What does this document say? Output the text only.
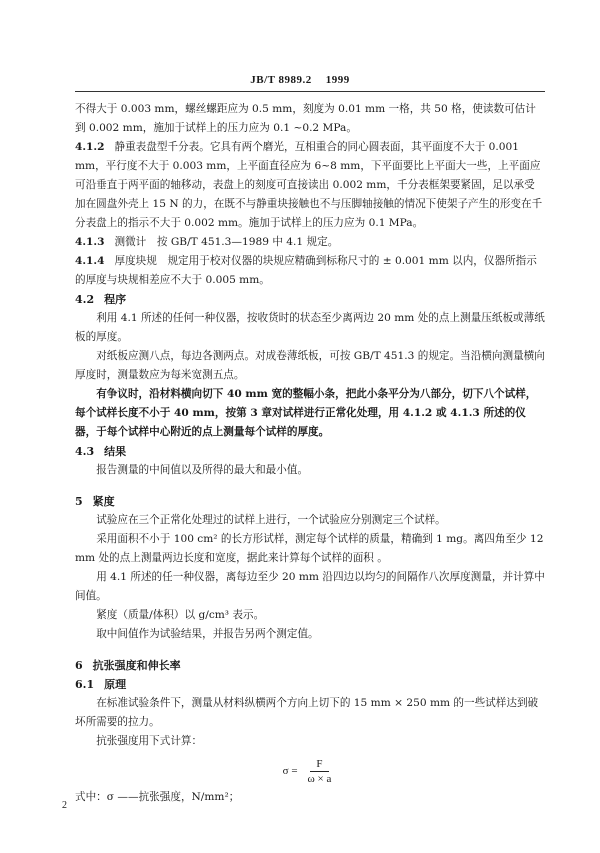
JB/T 8989.2 1999

不得大于 0.003 mm，螺丝螺距应为 0.5 mm，刻度为 0.01 mm 一格，共 50 格，使读数可估计到 0.002 mm，施加于试样上的压力应为 0.1 ~0.2 MPa。

4.1.2 静重表盘型千分表。它具有两个磨光，互相重合的同心圆表面，其平面度不大于 0.001 mm，平行度不大于 0.003 mm，上平面直径应为 6~8 mm，下平面要比上平面大一些，上平面应可沿垂直于两平面的轴移动，表盘上的刻度可直接读出 0.002 mm，千分表框架要紧固，足以承受加在圆盘外壳上 15 N 的力，在既不与静重块接触也不与压脚轴接触的情况下使架子产生的形变在千分表盘上的指示不大于 0.002 mm。施加于试样上的压力应为 0.1 MPa。

4.1.3 测微计　按 GB/T 451.3—1989 中 4.1 规定。

4.1.4 厚度块规　规定用于校对仪器的块规应精确到标称尺寸的 ± 0.001 mm 以内，仪器所指示的厚度与块规相差应不大于 0.005 mm。

4.2 程序

利用 4.1 所述的任何一种仪器，按收货时的状态至少离两边 20 mm 处的点上测量压纸板或薄纸板的厚度。

对纸板应测八点，每边各测两点。对成卷薄纸板，可按 GB/T 451.3 的规定。当沿横向测量横向厚度时，测量数应为每米宽测五点。

有争议时，沿材料横向切下 40 mm 宽的整幅小条，把此小条平分为八部分，切下八个试样，每个试样长度不小于 40 mm，按第 3 章对试样进行正常化处理，用 4.1.2 或 4.1.3 所述的仪器，于每个试样中心附近的点上测量每个试样的厚度。

4.3 结果

报告测量的中间值以及所得的最大和最小值。

5 紧度

试验应在三个正常化处理过的试样上进行，一个试验应分别测定三个试样。

采用面积不小于 100 cm² 的长方形试样，测定每个试样的质量，精确到 1 mg。离四角至少 12 mm 处的点上测量两边长度和宽度，据此来计算每个试样的面积 。

用 4.1 所述的任一种仪器，离每边至少 20 mm 沿四边以均匀的间隔作八次厚度测量，并计算中间值。

紧度（质量/体积）以 g/cm³ 表示。

取中间值作为试验结果，并报告另两个测定值。

6 抗张强度和伸长率

6.1 原理

在标准试验条件下，测量从材料纵横两个方向上切下的 15 mm × 250 mm 的一些试样达到破坏所需要的拉力。

抗张强度用下式计算：

$\sigma = \frac{F}{\omega \times a}$

式中：σ ——抗张强度，N/mm²；

2
